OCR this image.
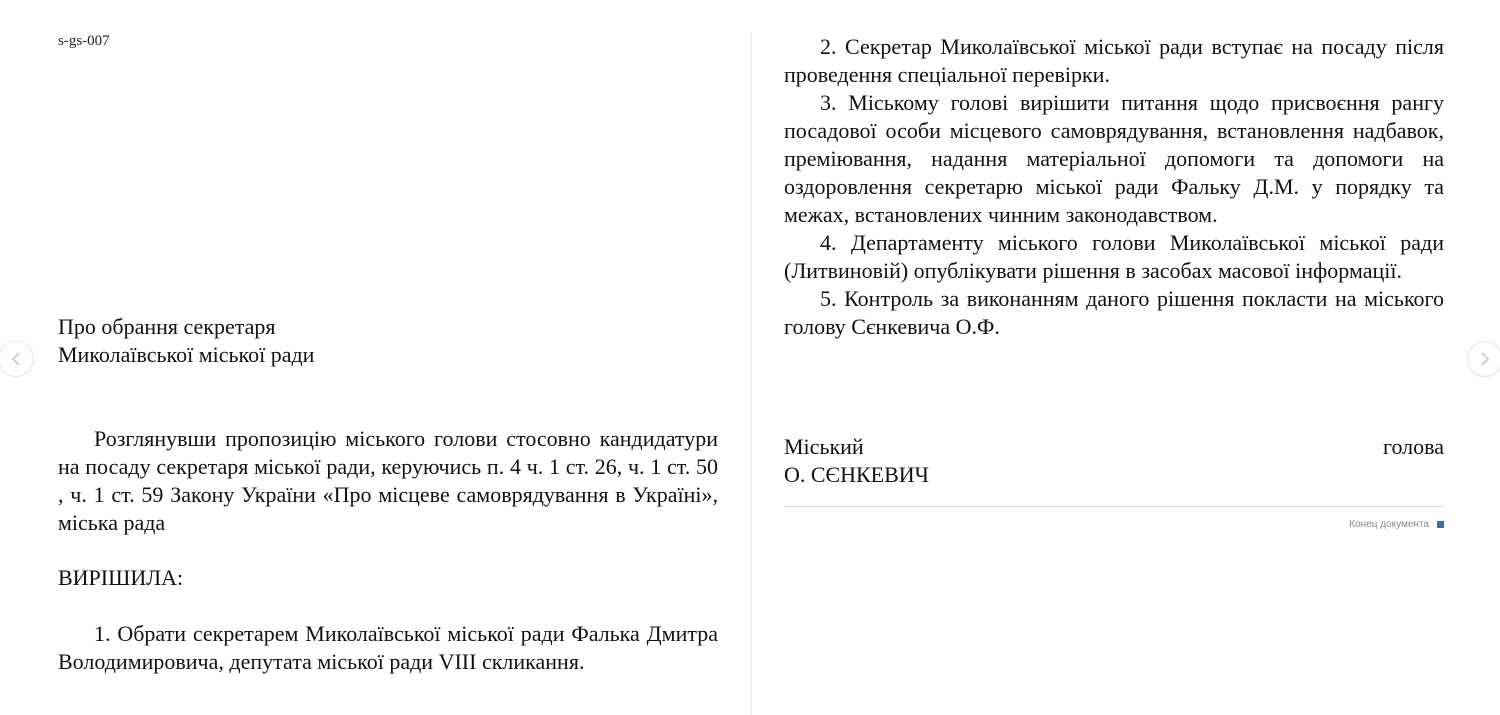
s-gs-007
Про обрання секретаря
Миколаївської міської ради

Розглянувши пропозицію міського голови стосовно кандидатури на посаду секретаря міської ради, керуючись п. 4 ч. 1 ст. 26, ч. 1 ст. 50 , ч. 1 ст. 59 Закону України «Про місцеве самоврядування в Україні», міська рада

ВИРІШИЛА:

1. Обрати секретарем Миколаївської міської ради Фалька Дмитра Володимировича, депутата міської ради VIII скликання.

2. Секретар Миколаївської міської ради вступає на посаду після проведення спеціальної перевірки.

3. Міському голові вирішити питання щодо присвоєння рангу посадової особи місцевого самоврядування, встановлення надбавок, преміювання, надання матеріальної допомоги та допомоги на оздоровлення секретарю міської ради Фальку Д.М. у порядку та межах, встановлених чинним законодавством.

4. Департаменту міського голови Миколаївської міської ради (Литвиновій) опублікувати рішення в засобах масової інформації.

5. Контроль за виконанням даного рішення покласти на міського голову Сєнкевича О.Ф.

Міський	голова
О. СЄНКЕВИЧ
Конец документа
